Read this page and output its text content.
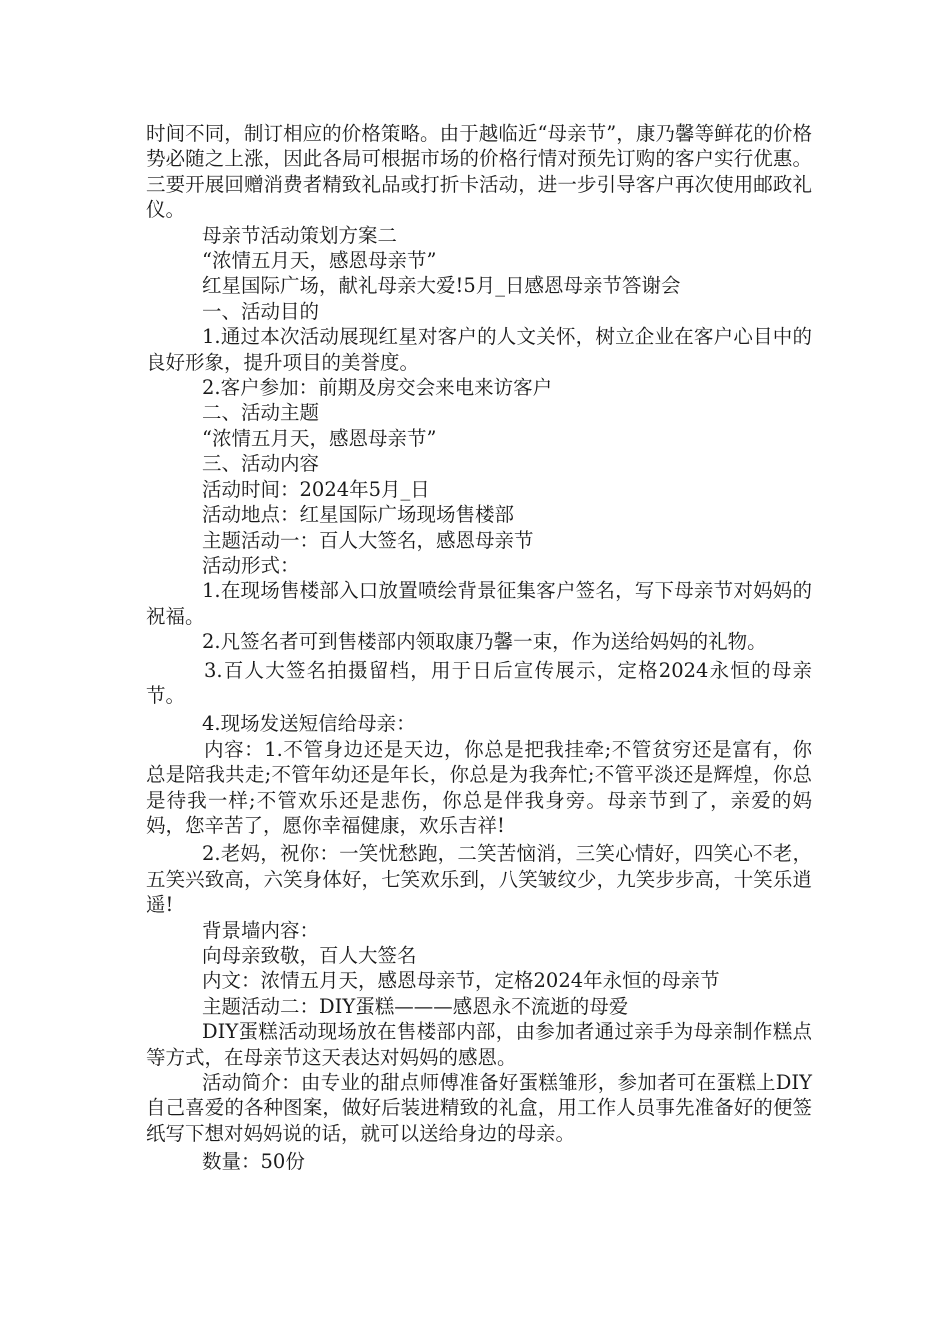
时间不同，制订相应的价格策略。由于越临近“母亲节”，康乃馨等鲜花的价格势必随之上涨，因此各局可根据市场的价格行情对预先订购的客户实行优惠。三要开展回赠消费者精致礼品或打折卡活动，进一步引导客户再次使用邮政礼仪。

母亲节活动策划方案二

“浓情五月天，感恩母亲节”

红星国际广场，献礼母亲大爱!5月_日感恩母亲节答谢会

一、活动目的

1.通过本次活动展现红星对客户的人文关怀，树立企业在客户心目中的良好形象，提升项目的美誉度。

2.客户参加：前期及房交会来电来访客户

二、活动主题

“浓情五月天，感恩母亲节”

三、活动内容

活动时间：2024年5月_日

活动地点：红星国际广场现场售楼部

主题活动一：百人大签名，感恩母亲节

活动形式：

1.在现场售楼部入口放置喷绘背景征集客户签名，写下母亲节对妈妈的祝福。

2.凡签名者可到售楼部内领取康乃馨一束，作为送给妈妈的礼物。

3.百人大签名拍摄留档，用于日后宣传展示，定格2024永恒的母亲节。

4.现场发送短信给母亲：

内容：1.不管身边还是天边，你总是把我挂牵;不管贫穷还是富有，你总是陪我共走;不管年幼还是年长，你总是为我奔忙;不管平淡还是辉煌，你总是待我一样;不管欢乐还是悲伤，你总是伴我身旁。母亲节到了，亲爱的妈妈，您辛苦了，愿你幸福健康，欢乐吉祥!

2.老妈，祝你：一笑忧愁跑，二笑苦恼消，三笑心情好，四笑心不老，五笑兴致高，六笑身体好，七笑欢乐到，八笑皱纹少，九笑步步高，十笑乐逍遥!

背景墙内容：

向母亲致敬，百人大签名

内文：浓情五月天，感恩母亲节，定格2024年永恒的母亲节

主题活动二：DIY蛋糕———感恩永不流逝的母爱

DIY蛋糕活动现场放在售楼部内部，由参加者通过亲手为母亲制作糕点等方式，在母亲节这天表达对妈妈的感恩。

活动简介：由专业的甜点师傅准备好蛋糕雏形，参加者可在蛋糕上DIY自己喜爱的各种图案，做好后装进精致的礼盒，用工作人员事先准备好的便签纸写下想对妈妈说的话，就可以送给身边的母亲。

数量：50份
